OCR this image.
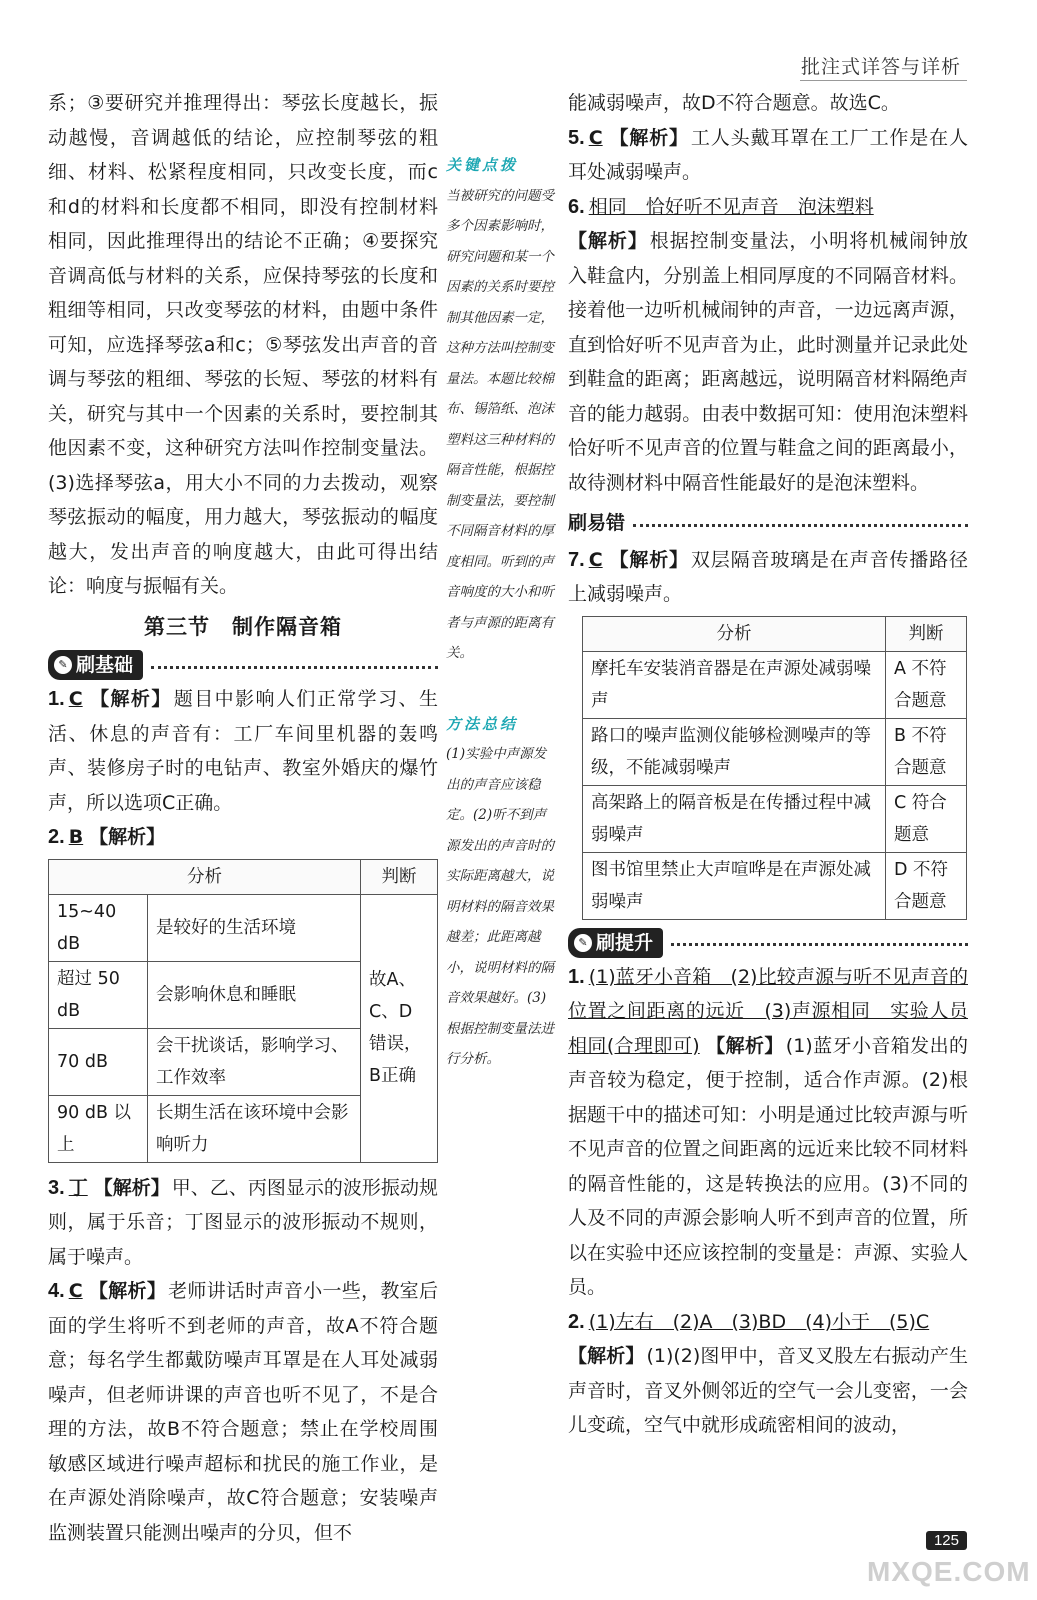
批注式详答与详析

系；③要研究并推理得出：琴弦长度越长，振动越慢，音调越低的结论，应控制琴弦的粗细、材料、松紧程度相同，只改变长度，而c和d的材料和长度都不相同，即没有控制材料相同，因此推理得出的结论不正确；④要探究音调高低与材料的关系，应保持琴弦的长度和粗细等相同，只改变琴弦的材料，由题中条件可知，应选择琴弦a和c；⑤琴弦发出声音的音调与琴弦的粗细、琴弦的长短、琴弦的材料有关，研究与其中一个因素的关系时，要控制其他因素不变，这种研究方法叫作控制变量法。(3)选择琴弦a，用大小不同的力去拨动，观察琴弦振动的幅度，用力越大，琴弦振动的幅度越大，发出声音的响度越大，由此可得出结论：响度与振幅有关。

第三节　制作隔音箱
✎ 刷基础

1. C 【解析】 题目中影响人们正常学习、生活、休息的声音有：工厂车间里机器的轰鸣声、装修房子时的电钻声、教室外婚庆的爆竹声，所以选项C正确。

2. B 【解析】

分析		判断
15~40 dB	是较好的生活环境	故A、C、D错误，B正确
超过 50 dB	会影响休息和睡眠	
70 dB	会干扰谈话，影响学习、工作效率	
90 dB 以上	长期生活在该环境中会影响听力	

3. 丁 【解析】 甲、乙、丙图显示的波形振动规则，属于乐音；丁图显示的波形振动不规则，属于噪声。

4. C 【解析】 老师讲话时声音小一些，教室后面的学生将听不到老师的声音，故A不符合题意；每名学生都戴防噪声耳罩是在人耳处减弱噪声，但老师讲课的声音也听不见了，不是合理的方法，故B不符合题意；禁止在学校周围敏感区域进行噪声超标和扰民的施工作业，是在声源处消除噪声，故C符合题意；安装噪声监测装置只能测出噪声的分贝，但不

关键点拨
当被研究的问题受多个因素影响时，研究问题和某一个因素的关系时要控制其他因素一定，这种方法叫控制变量法。本题比较棉布、锡箔纸、泡沫塑料这三种材料的隔音性能，根据控制变量法，要控制不同隔音材料的厚度相同。听到的声音响度的大小和听者与声源的距离有关。
方法总结
(1)实验中声源发出的声音应该稳定。(2)听不到声源发出的声音时的实际距离越大，说明材料的隔音效果越差；此距离越小，说明材料的隔音效果越好。(3)根据控制变量法进行分析。

能减弱噪声，故D不符合题意。故选C。

5. C 【解析】 工人头戴耳罩在工厂工作是在人耳处减弱噪声。

6. 相同　恰好听不见声音　泡沫塑料

【解析】 根据控制变量法，小明将机械闹钟放入鞋盒内，分别盖上相同厚度的不同隔音材料。接着他一边听机械闹钟的声音，一边远离声源，直到恰好听不见声音为止，此时测量并记录此处到鞋盒的距离；距离越远，说明隔音材料隔绝声音的能力越弱。由表中数据可知：使用泡沫塑料恰好听不见声音的位置与鞋盒之间的距离最小，故待测材料中隔音性能最好的是泡沫塑料。

刷易错

7. C 【解析】 双层隔音玻璃是在声音传播路径上减弱噪声。

分析	判断
摩托车安装消音器是在声源处减弱噪声	A 不符合题意
路口的噪声监测仪能够检测噪声的等级，不能减弱噪声	B 不符合题意
高架路上的隔音板是在传播过程中减弱噪声	C 符合题意
图书馆里禁止大声喧哗是在声源处减弱噪声	D 不符合题意
✎ 刷提升

1. (1)蓝牙小音箱　(2)比较声源与听不见声音的位置之间距离的远近　(3)声源相同　实验人员相同(合理即可) 【解析】 (1)蓝牙小音箱发出的声音较为稳定，便于控制，适合作声源。(2)根据题干中的描述可知：小明是通过比较声源与听不见声音的位置之间距离的远近来比较不同材料的隔音性能的，这是转换法的应用。(3)不同的人及不同的声源会影响人听不到声音的位置，所以在实验中还应该控制的变量是：声源、实验人员。

2. (1)左右　(2)A　(3)BD　(4)小于　(5)C

【解析】 (1)(2)图甲中，音叉叉股左右振动产生声音时，音叉外侧邻近的空气一会儿变密，一会儿变疏，空气中就形成疏密相间的波动，

125
MXQE.COM
